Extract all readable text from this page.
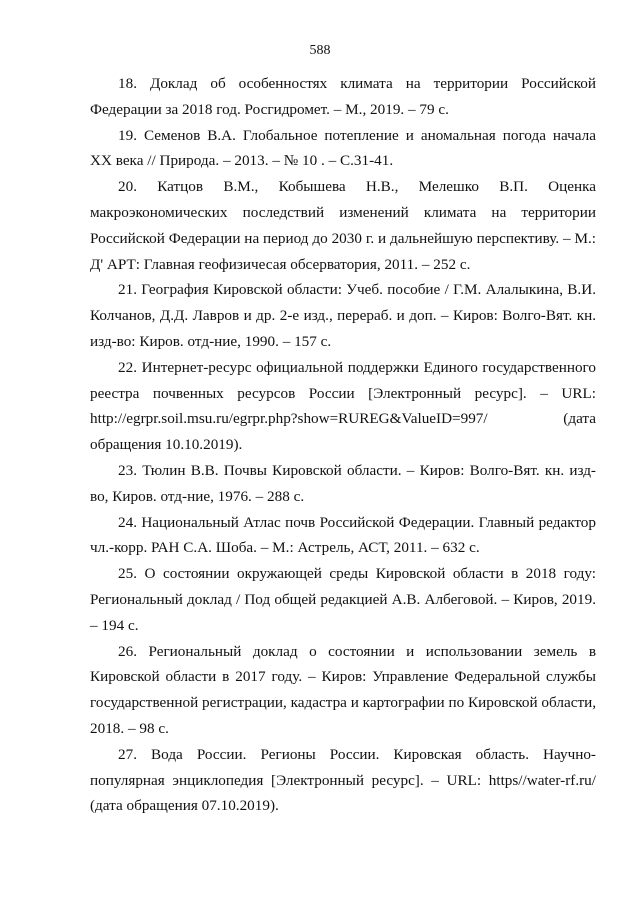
588

18. Доклад об особенностях климата на территории Российской Федерации за 2018 год. Росгидромет. – М., 2019. – 79 с.

19. Семенов В.А. Глобальное потепление и аномальная погода начала XX века // Природа. – 2013. – № 10 . – С.31-41.

20. Катцов В.М., Кобышева Н.В., Мелешко В.П. Оценка макроэкономических последствий изменений климата на территории Российской Федерации на период до 2030 г. и дальнейшую перспективу. – М.: Д' АРТ: Главная геофизичесая обсерватория, 2011. – 252 с.

21. География Кировской области: Учеб. пособие / Г.М. Алалыкина, В.И. Колчанов, Д.Д. Лавров и др. 2-е изд., перераб. и доп. – Киров: Волго-Вят. кн. изд-во: Киров. отд-ние, 1990. – 157 с.

22. Интернет-ресурс официальной поддержки Единого государственного реестра почвенных ресурсов России [Электронный ресурс]. – URL: http://egrpr.soil.msu.ru/egrpr.php?show=RUREG&ValueID=997/ (дата обращения 10.10.2019).

23. Тюлин В.В. Почвы Кировской области. – Киров: Волго-Вят. кн. изд-во, Киров. отд-ние, 1976. – 288 с.

24. Национальный Атлас почв Российской Федерации. Главный редактор чл.-корр. РАН С.А. Шоба. – М.: Астрель, АСТ, 2011. – 632 с.

25. О состоянии окружающей среды Кировской области в 2018 году: Региональный доклад / Под общей редакцией А.В. Албеговой. – Киров, 2019. – 194 с.

26. Региональный доклад о состоянии и использовании земель в Кировской области в 2017 году. – Киров: Управление Федеральной службы государственной регистрации, кадастра и картографии по Кировской области, 2018. – 98 с.

27. Вода России. Регионы России. Кировская область. Научно-популярная энциклопедия [Электронный ресурс]. – URL: https//water-rf.ru/ (дата обращения 07.10.2019).
